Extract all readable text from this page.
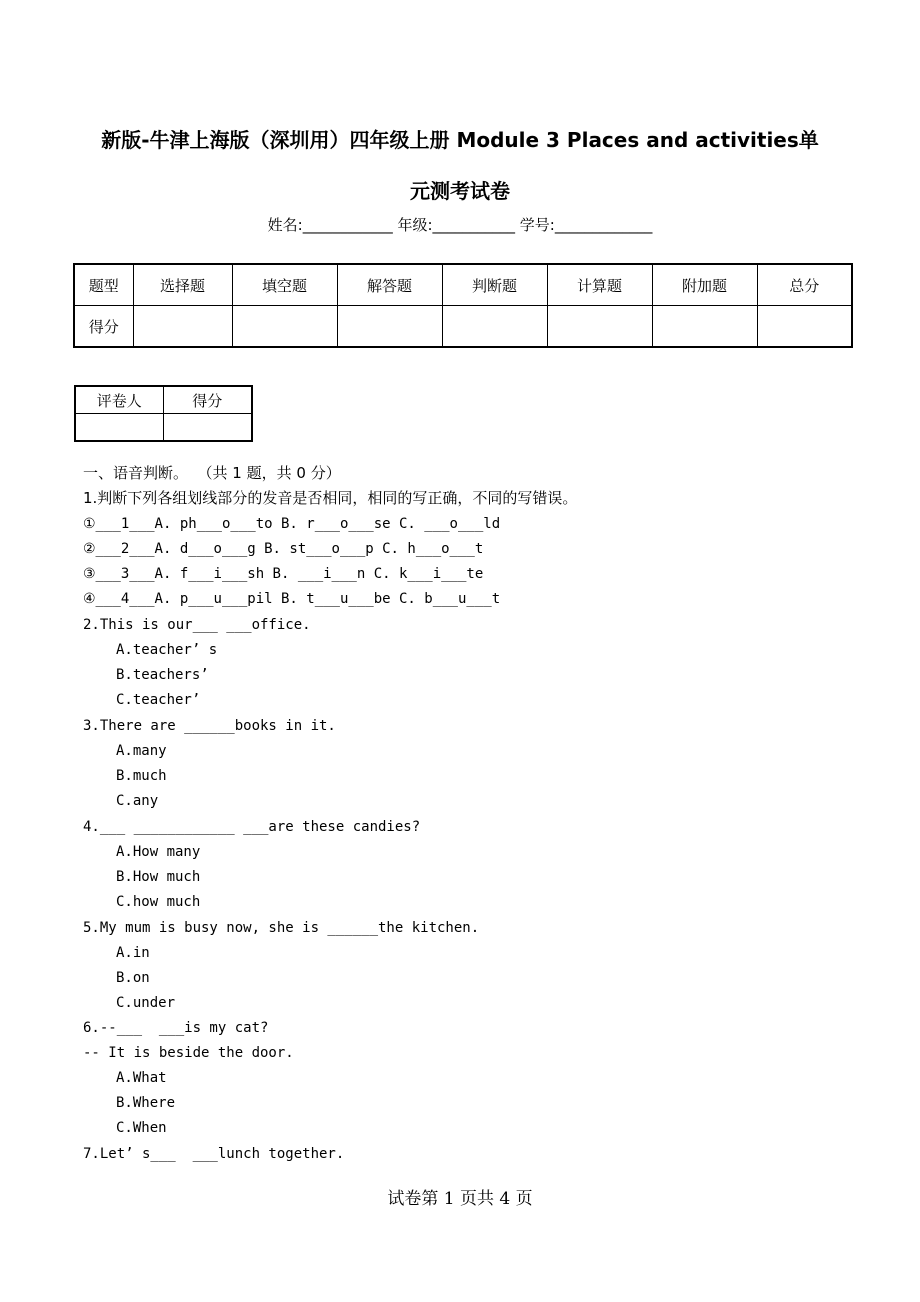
新版-牛津上海版（深圳用）四年级上册 Module 3 Places and activities单
元测考试卷
姓名:____________ 年级:___________ 学号:_____________
题型	选择题	填空题	解答题	判断题	计算题	附加题	总分
得分							
评卷人	得分

一、语音判断。  （共 1 题，共 0 分）
1.判断下列各组划线部分的发音是否相同，相同的写正确，不同的写错误。
①___1___A. ph___o___to B. r___o___se C. ___o___ld
②___2___A. d___o___g B. st___o___p C. h___o___t
③___3___A. f___i___sh B. ___i___n C. k___i___te
④___4___A. p___u___pil B. t___u___be C. b___u___t
2.This is our___ ___office.
A.teacher’ s
B.teachers’
C.teacher’
3.There are ______books in it.
A.many
B.much
C.any
4.___ ____________ ___are these candies?
A.How many
B.How much
C.how much
5.My mum is busy now, she is ______the kitchen.
A.in
B.on
C.under
6.--___  ___is my cat?
-- It is beside the door.
A.What
B.Where
C.When
7.Let’ s___  ___lunch together.
试卷第 1 页共 4 页
